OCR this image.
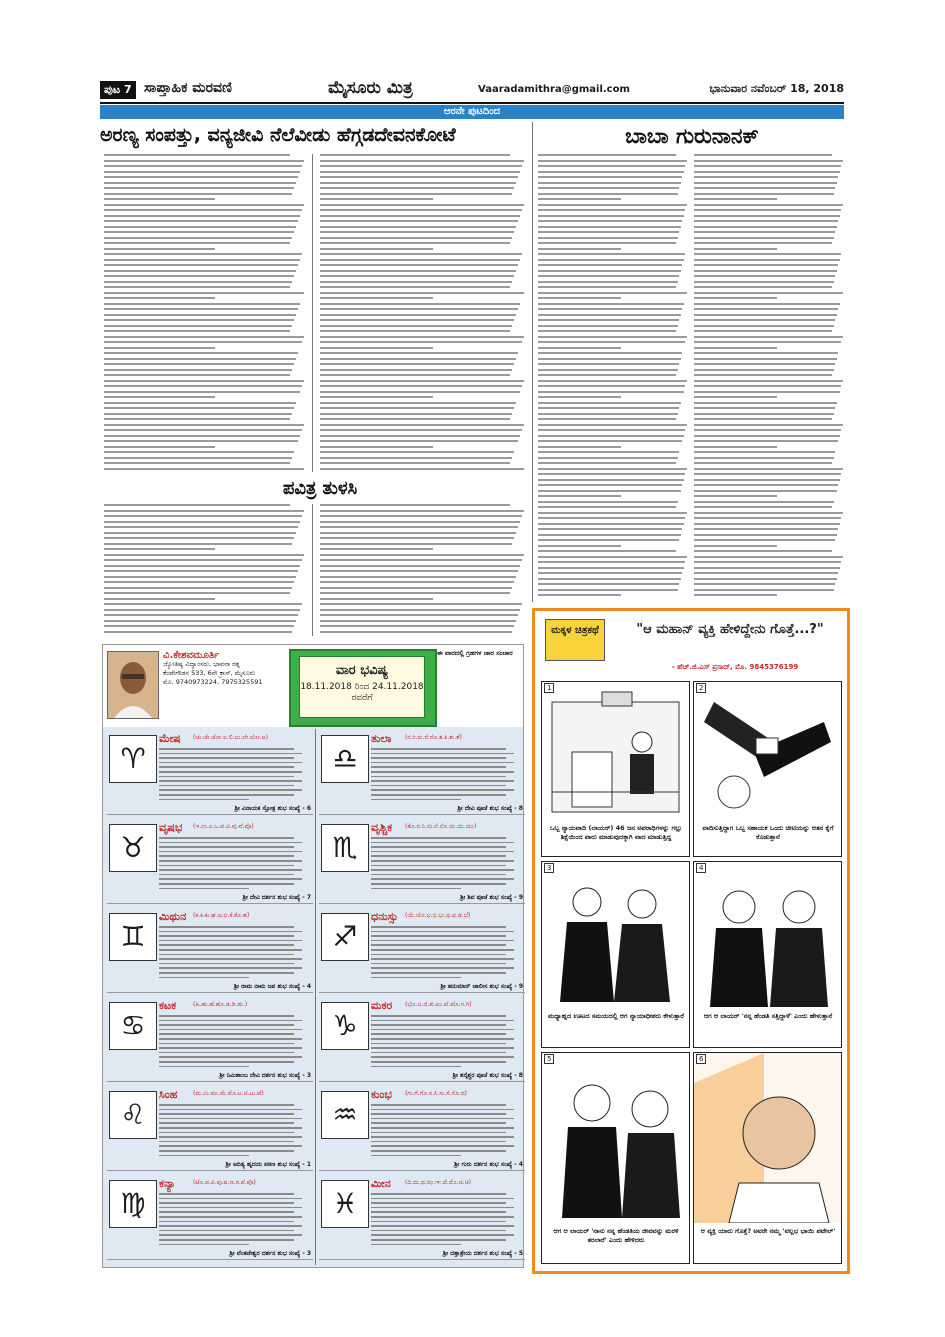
ಪುಟ 7 ಸಾಪ್ತಾಹಿಕ ಮರವಣಿ	ಮೈಸೂರು ಮಿತ್ರ	Vaaradamithra@gmail.com	ಭಾನುವಾರ ನವೆಂಬರ್ 18, 2018
ಆರನೇ ಪುಟದಿಂದ
ಅರಣ್ಯ ಸಂಪತ್ತು, ವನ್ಯಜೀವಿ ನೆಲೆವೀಡು ಹೆಗ್ಗಡದೇವನಕೋಟೆ	ಬಾಬಾ ಗುರುನಾನಕ್
ಪವಿತ್ರ ತುಳಸಿ
ವಿ.ಕೇಶವಮೂರ್ತಿ
ಜ್ಯೋತಿಷ್ಯ ವಿದ್ವಾಂಸರು, ಭಾವನಾ ರತ್ನ
ಕೆಂಪೇಗೌಡನ 533, 6ನೇ ಕ್ರಾಸ್, ಮೈಸೂರು
ಮೊ. 9740973224, 7975325591
ವಾರ ಭವಿಷ್ಯ
18.11.2018 ರಿಂದ 24.11.2018 ರವರೆಗೆ
ಈ ವಾರದಲ್ಲಿ ಗ್ರಹಗಳ ಚಾರ ಸಂಚಾರ
♈
ಮೇಷ (ಚು.ಚೇ.ಚೋ.ಲ.ಲಿ.ಲು.ಲೇ.ಲೋ.ಅ)
ಶ್ರೀ ವಿನಾಯಕ ಸ್ತೋತ್ರ ಶುಭ ಸಂಖ್ಯೆ - 6
♉
ವೃಷಭ (ಇ.ಉ.ಎ.ಒ.ವ.ವಿ.ವು.ವೆ.ವೊ)
ಶ್ರೀ ದೇವಿ ದರ್ಶನ ಶುಭ ಸಂಖ್ಯೆ - 7
♊
ಮಿಥುನ (ಕ.ಕಿ.ಕು.ಘ.ಙ.ಛ.ಕೆ.ಕೊ.ಹ)
ಶ್ರೀ ರಾಮ ನಾಮ ಜಪ ಶುಭ ಸಂಖ್ಯೆ - 4
♋
ಕಟಕ	(ಹಿ.ಹು.ಹೆ.ಹೊ.ಡ.ಡಿ.ಡು.)
ಶ್ರೀ ನಿಮಿಶಾಂಬ ದೇವಿ ದರ್ಶನ ಶುಭ ಸಂಖ್ಯೆ - 3
♌
ಸಿಂಹ	(ಮ.ಮಿ.ಮು.ಮೆ.ಮೊ.ಟ.ಟಿ.ಟು.ಟೆ)
ಶ್ರೀ ಆದಿತ್ಯ ಹೃದಯ ಪಠಣ ಶುಭ ಸಂಖ್ಯೆ - 1
♍
ಕನ್ಯಾ	(ಟೊ.ಪ.ಪಿ.ಪು.ಷ.ಣ.ಠ.ಪೆ.ಪೊ)
ಶ್ರೀ ವೆಂಕಟೇಶ್ವರ ದರ್ಶನ ಶುಭ ಸಂಖ್ಯೆ - 3
♎
ತುಲಾ (ರ.ರಿ.ರು.ರೆ.ರೊ.ತ.ತಿ.ತು.ತೆ)
ಶ್ರೀ ದೇವಿ ಪೂಜೆ ಶುಭ ಸಂಖ್ಯೆ - 8
♏
ವೃಶ್ಚಿಕ (ತೊ.ನ.ನಿ.ನು.ನೆ.ನೊ.ಯ.ಯಿ.ಯು)
ಶ್ರೀ ಶಿವ ಪೂಜೆ ಶುಭ ಸಂಖ್ಯೆ - 9
♐
ಧನುಸ್ಸು (ಯೆ.ಯೊ.ಭ.ಭಿ.ಭು.ಧ.ಫ.ಢ.ಭೆ)
ಶ್ರೀ ಹನುಮಾನ್ ಚಾಲೀಸ ಶುಭ ಸಂಖ್ಯೆ - 9
♑
ಮಕರ (ಭೊ.ಜ.ಜಿ.ಖಿ.ಖು.ಖೆ.ಖೊ.ಗ.ಗಿ)
ಶ್ರೀ ಶನೈಶ್ಚರ ಪೂಜೆ ಶುಭ ಸಂಖ್ಯೆ - 8
♒
ಕುಂಭ (ಗು.ಗೆ.ಗೊ.ಸ.ಸಿ.ಸು.ಸೆ.ಸೊ.ದ)
ಶ್ರೀ ಗುರು ದರ್ಶನ ಶುಭ ಸಂಖ್ಯೆ - 4
♓
ಮೀನ (ದಿ.ದು.ಥ.ಝ.ಞ.ದೆ.ದೊ.ಚ.ಚಿ)
ಶ್ರೀ ದತ್ತಾತ್ರೇಯ ದರ್ಶನ ಶುಭ ಸಂಖ್ಯೆ - 5
ಮಕ್ಕಳ ಚಿತ್ರಕಥೆ	"ಆ ಮಹಾನ್ ವ್ಯಕ್ತಿ ಹೇಳಿದ್ದೇನು ಗೊತ್ತೆ...?"
- ಹೆಚ್.ಜಿ.ಎಸ್ ಪ್ರಸಾದ್, ಮೊ. 9845376199
1
ಒಬ್ಬ ನ್ಯಾಯವಾದಿ (ಲಾಯರ್) 46 ಜನ ಅಪರಾಧಿಗಳನ್ನು ಗಲ್ಲು ಶಿಕ್ಷೆಯಿಂದ ಪಾರು ಮಾಡುವುದಕ್ಕಾಗಿ ವಾದ ಮಾಡುತ್ತಿದ್ದ
2
ವಾದಿಸುತ್ತಿದ್ದಾಗ ಒಬ್ಬ ಸಹಾಯಕ ಒಂದು ಚೀಟಿಯನ್ನು ಆತನ ಕೈಗೆ ಕೊಡುತ್ತಾನೆ
3
ಮಧ್ಯಾಹ್ನದ ಊಟದ ಸಮಯದಲ್ಲಿ ಆಗ ನ್ಯಾಯಾಧೀಶರು ಕೇಳುತ್ತಾರೆ
4
ಆಗ ಆ ಲಾಯರ್ 'ನನ್ನ ಹೆಂಡತಿ ಸತ್ತಿದ್ದಾಳೆ' ಎಂದು ಹೇಳುತ್ತಾನೆ
5
ಆಗ ಆ ಲಾಯರ್ 'ನಾನು ನನ್ನ ಹೆಂಡತಿಯ ಜೀವವನ್ನು ಮರಳಿ ತರಲಾರೆ' ಎಂದು ಹೇಳಿದರು
6
ಆ ವ್ಯಕ್ತಿ ಯಾರು ಗೊತ್ತೆ? ಅವರೇ ನಮ್ಮ 'ವಲ್ಲಭ ಭಾಯಿ ಪಟೇಲ್'
